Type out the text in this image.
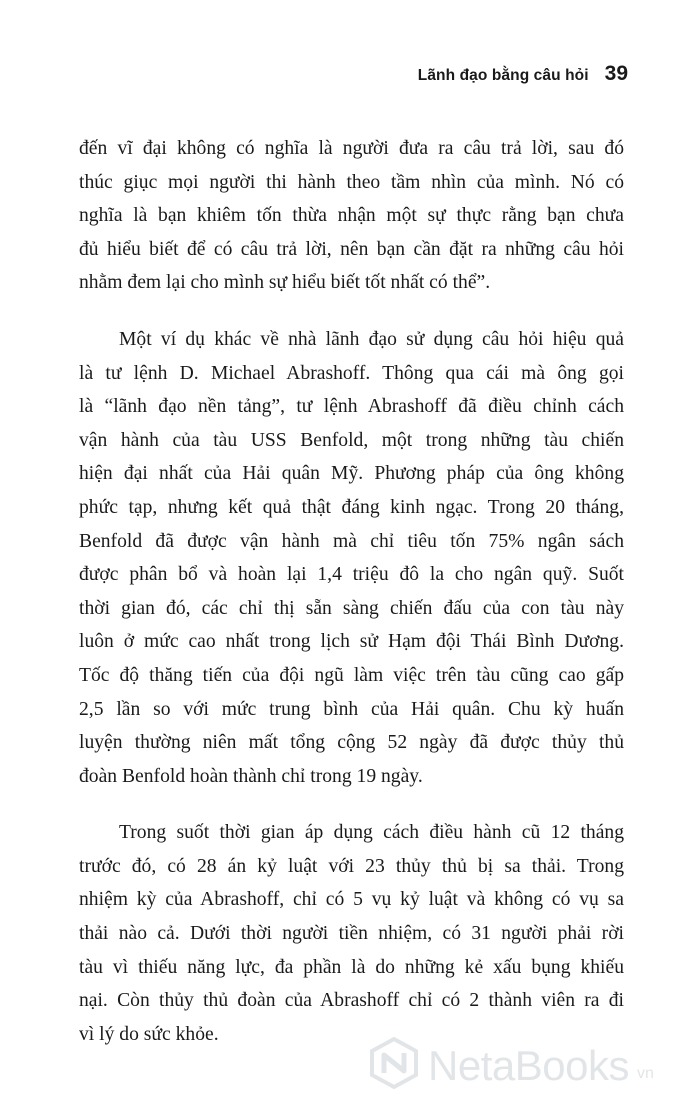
Lãnh đạo bằng câu hỏi 39
đến vĩ đại không có nghĩa là người đưa ra câu trả lời, sau đó
thúc giục mọi người thi hành theo tầm nhìn của mình. Nó có
nghĩa là bạn khiêm tốn thừa nhận một sự thực rằng bạn chưa
đủ hiểu biết để có câu trả lời, nên bạn cần đặt ra những câu hỏi
nhằm đem lại cho mình sự hiểu biết tốt nhất có thể”.
Một ví dụ khác về nhà lãnh đạo sử dụng câu hỏi hiệu quả
là tư lệnh D. Michael Abrashoff. Thông qua cái mà ông gọi
là “lãnh đạo nền tảng”, tư lệnh Abrashoff đã điều chỉnh cách
vận hành của tàu USS Benfold, một trong những tàu chiến
hiện đại nhất của Hải quân Mỹ. Phương pháp của ông không
phức tạp, nhưng kết quả thật đáng kinh ngạc. Trong 20 tháng,
Benfold đã được vận hành mà chỉ tiêu tốn 75% ngân sách
được phân bổ và hoàn lại 1,4 triệu đô la cho ngân quỹ. Suốt
thời gian đó, các chỉ thị sẵn sàng chiến đấu của con tàu này
luôn ở mức cao nhất trong lịch sử Hạm đội Thái Bình Dương.
Tốc độ thăng tiến của đội ngũ làm việc trên tàu cũng cao gấp
2,5 lần so với mức trung bình của Hải quân. Chu kỳ huấn
luyện thường niên mất tổng cộng 52 ngày đã được thủy thủ
đoàn Benfold hoàn thành chỉ trong 19 ngày.
Trong suốt thời gian áp dụng cách điều hành cũ 12 tháng
trước đó, có 28 án kỷ luật với 23 thủy thủ bị sa thải. Trong
nhiệm kỳ của Abrashoff, chỉ có 5 vụ kỷ luật và không có vụ sa
thải nào cả. Dưới thời người tiền nhiệm, có 31 người phải rời
tàu vì thiếu năng lực, đa phần là do những kẻ xấu bụng khiếu
nại. Còn thủy thủ đoàn của Abrashoff chỉ có 2 thành viên ra đi
vì lý do sức khỏe.
NetaBooks vn
